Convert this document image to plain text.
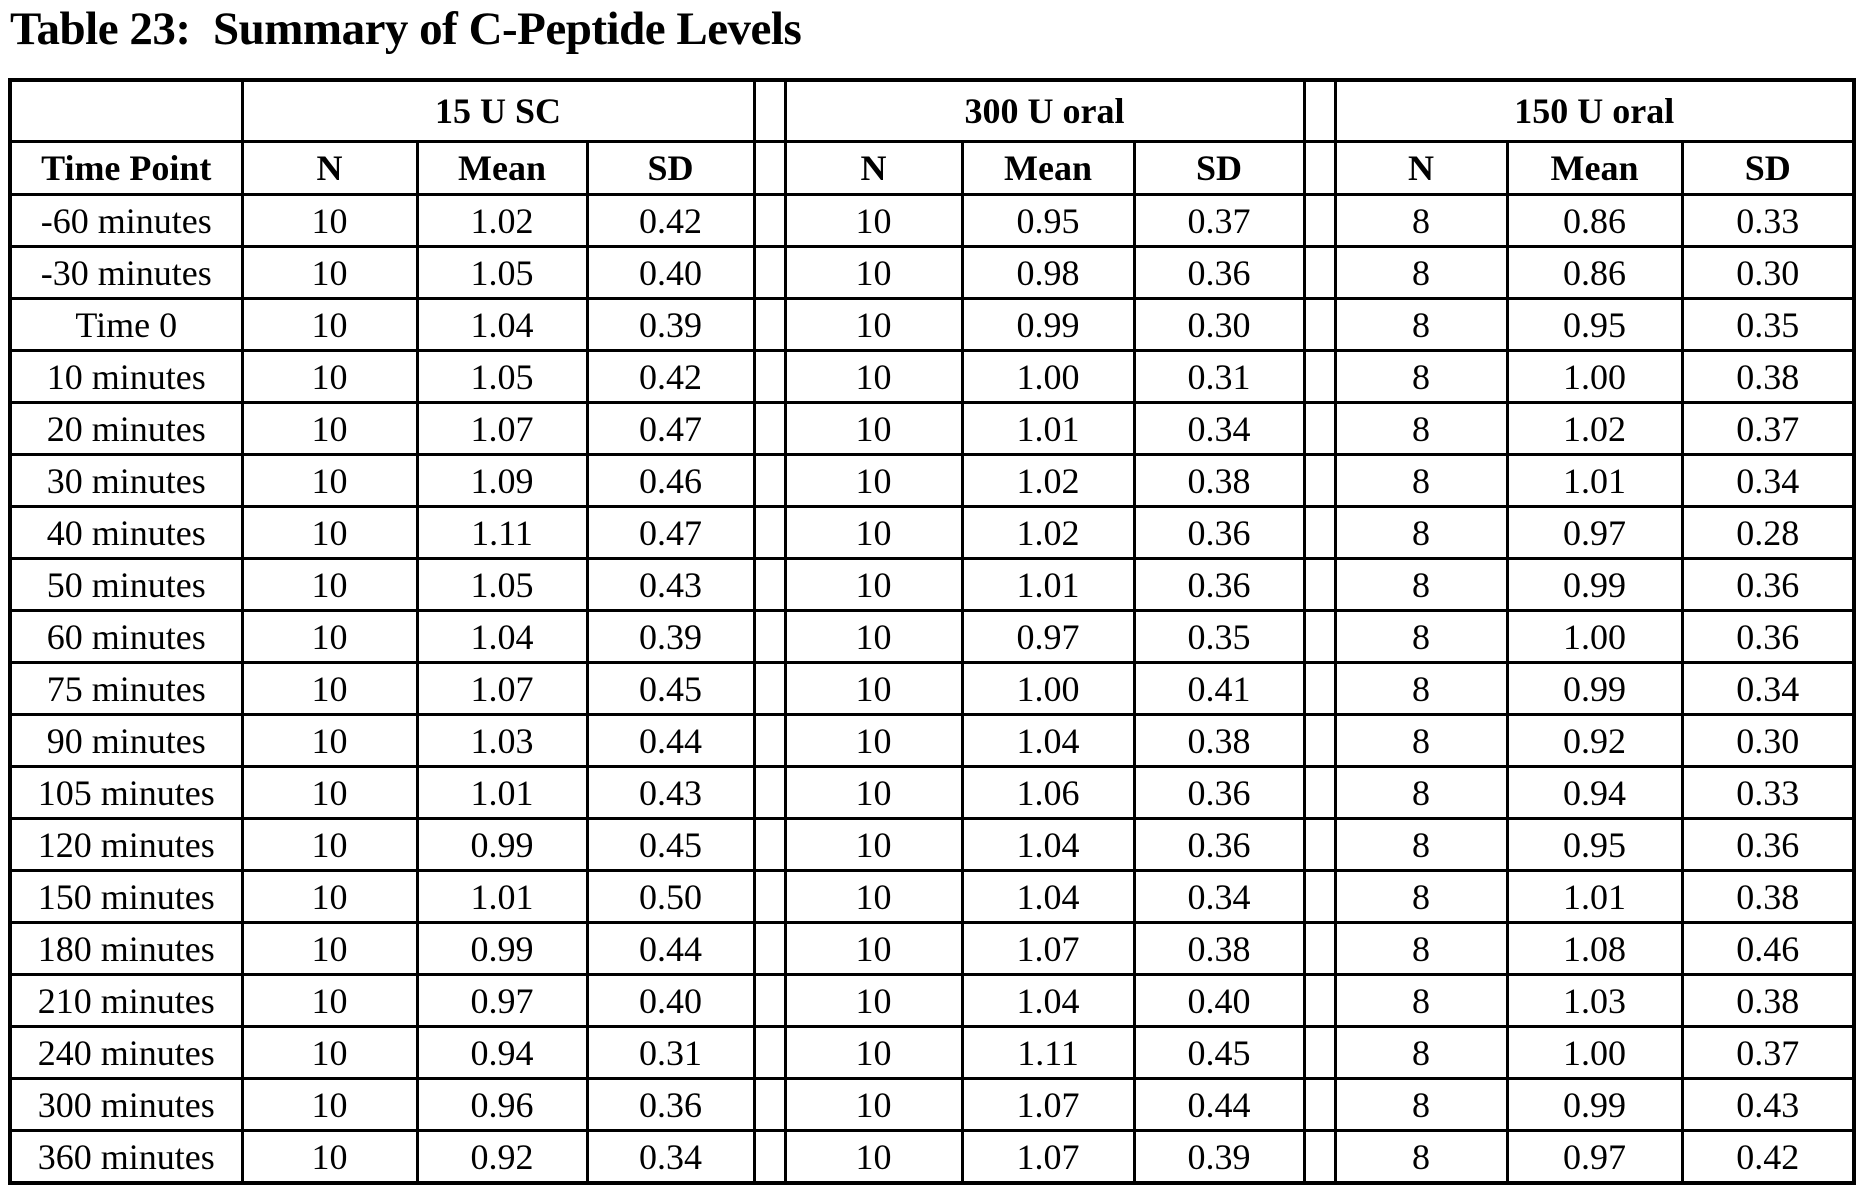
Table 23:  Summary of C-Peptide Levels
	15 U SC				300 U oral				150 U oral		
Time Point	N	Mean	SD		N	Mean	SD		N	Mean	SD
-60 minutes	10	1.02	0.42		10	0.95	0.37		8	0.86	0.33
-30 minutes	10	1.05	0.40		10	0.98	0.36		8	0.86	0.30
Time 0	10	1.04	0.39		10	0.99	0.30		8	0.95	0.35
10 minutes	10	1.05	0.42		10	1.00	0.31		8	1.00	0.38
20 minutes	10	1.07	0.47		10	1.01	0.34		8	1.02	0.37
30 minutes	10	1.09	0.46		10	1.02	0.38		8	1.01	0.34
40 minutes	10	1.11	0.47		10	1.02	0.36		8	0.97	0.28
50 minutes	10	1.05	0.43		10	1.01	0.36		8	0.99	0.36
60 minutes	10	1.04	0.39		10	0.97	0.35		8	1.00	0.36
75 minutes	10	1.07	0.45		10	1.00	0.41		8	0.99	0.34
90 minutes	10	1.03	0.44		10	1.04	0.38		8	0.92	0.30
105 minutes	10	1.01	0.43		10	1.06	0.36		8	0.94	0.33
120 minutes	10	0.99	0.45		10	1.04	0.36		8	0.95	0.36
150 minutes	10	1.01	0.50		10	1.04	0.34		8	1.01	0.38
180 minutes	10	0.99	0.44		10	1.07	0.38		8	1.08	0.46
210 minutes	10	0.97	0.40		10	1.04	0.40		8	1.03	0.38
240 minutes	10	0.94	0.31		10	1.11	0.45		8	1.00	0.37
300 minutes	10	0.96	0.36		10	1.07	0.44		8	0.99	0.43
360 minutes	10	0.92	0.34		10	1.07	0.39		8	0.97	0.42
